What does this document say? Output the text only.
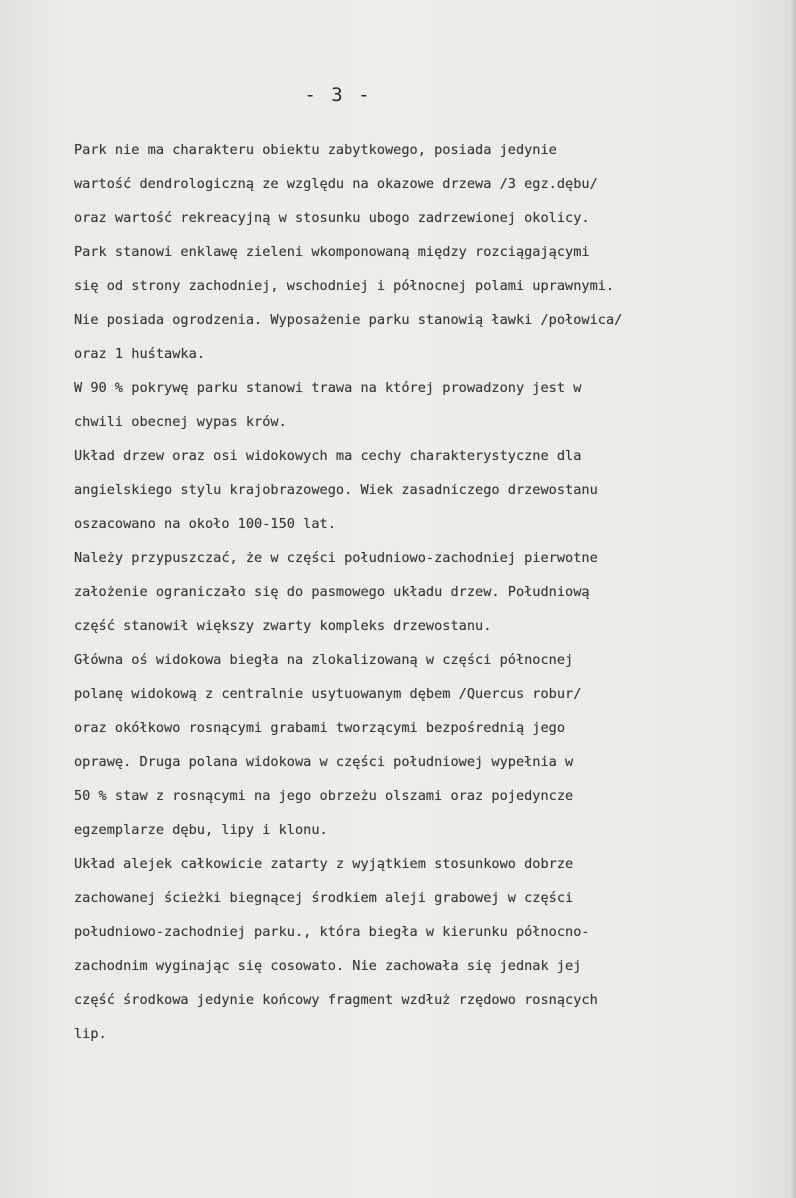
- 3 -
Park nie ma charakteru obiektu zabytkowego, posiada jedynie
wartość dendrologiczną ze względu na okazowe drzewa /3 egz.dębu/
oraz wartość rekreacyjną w stosunku ubogo zadrzewionej okolicy.
Park stanowi enklawę zieleni wkomponowaną między rozciągającymi
się od strony zachodniej, wschodniej i północnej polami uprawnymi.
Nie posiada ogrodzenia. Wyposażenie parku stanowią ławki /połowica/
oraz 1 huśtawka.
W 90 % pokrywę parku stanowi trawa na której prowadzony jest w
chwili obecnej wypas krów.
Układ drzew oraz osi widokowych ma cechy charakterystyczne dla
angielskiego stylu krajobrazowego. Wiek zasadniczego drzewostanu
oszacowano na około 100-150 lat.
Należy przypuszczać, że w części południowo-zachodniej pierwotne
założenie ograniczało się do pasmowego układu drzew. Południową
część stanowił większy zwarty kompleks drzewostanu.
Główna oś widokowa biegła na zlokalizowaną w części północnej
polanę widokową z centralnie usytuowanym dębem /Quercus robur/
oraz okółkowo rosnącymi grabami tworzącymi bezpośrednią jego
oprawę. Druga polana widokowa w części południowej wypełnia w
50 % staw z rosnącymi na jego obrzeżu olszami oraz pojedyncze
egzemplarze dębu, lipy i klonu.
Układ alejek całkowicie zatarty z wyjątkiem stosunkowo dobrze
zachowanej ścieżki biegnącej środkiem aleji grabowej w części
południowo-zachodniej parku., która biegła w kierunku północno-
zachodnim wyginając się cosowato. Nie zachowała się jednak jej
część środkowa jedynie końcowy fragment wzdłuż rzędowo rosnących
lip.
